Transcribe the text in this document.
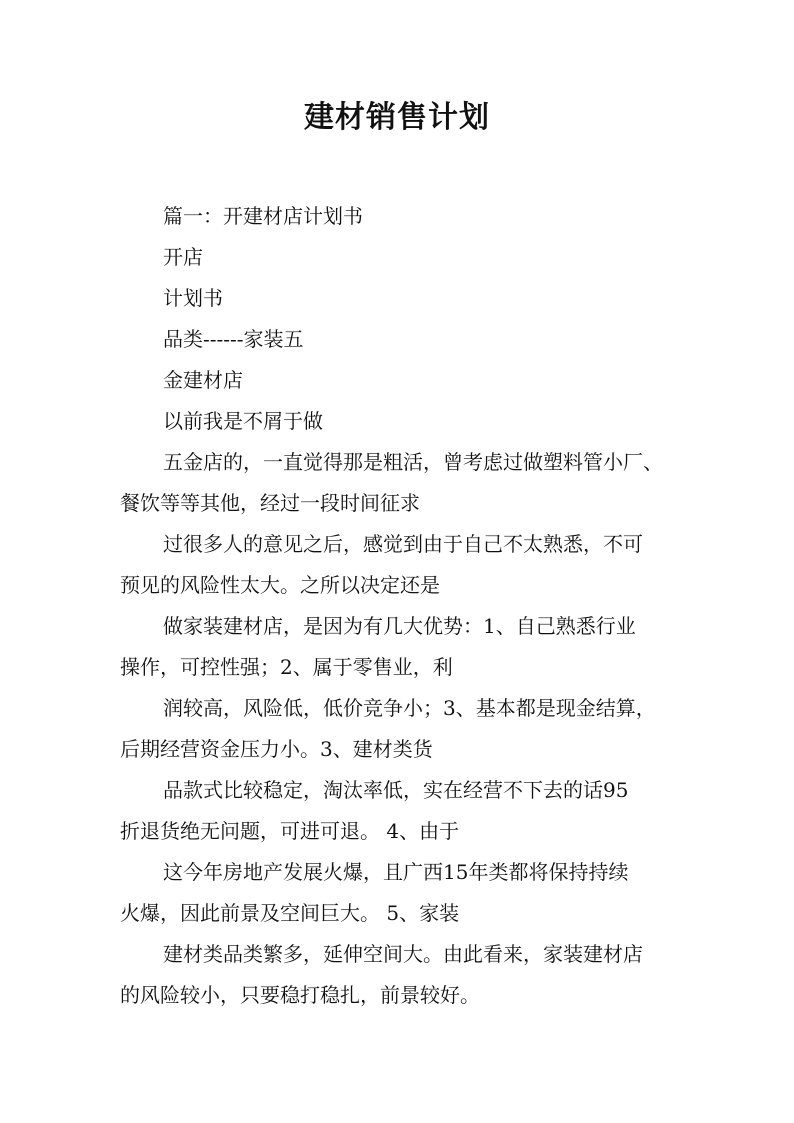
建材销售计划
篇一：开建材店计划书
开店
计划书
品类------家装五
金建材店
以前我是不屑于做
五金店的，一直觉得那是粗活，曾考虑过做塑料管小厂、
餐饮等等其他，经过一段时间征求
过很多人的意见之后，感觉到由于自己不太熟悉，不可
预见的风险性太大。之所以决定还是
做家装建材店，是因为有几大优势：1、自己熟悉行业
操作，可控性强；2、属于零售业，利
润较高，风险低，低价竞争小；3、基本都是现金结算，
后期经营资金压力小。3、建材类货
品款式比较稳定，淘汰率低，实在经营不下去的话95
折退货绝无问题，可进可退。 4、由于
这今年房地产发展火爆，且广西15年类都将保持持续
火爆，因此前景及空间巨大。 5、家装
建材类品类繁多，延伸空间大。由此看来，家装建材店
的风险较小，只要稳打稳扎，前景较好。
